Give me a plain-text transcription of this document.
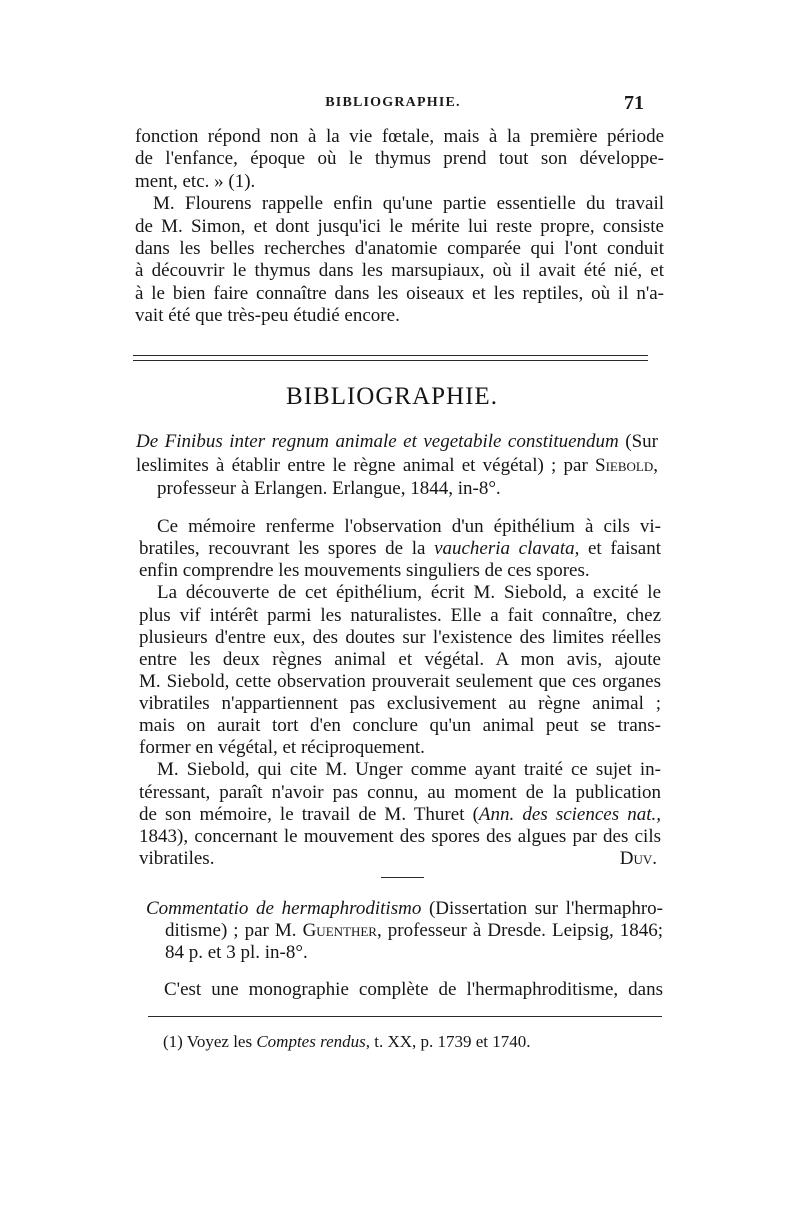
BIBLIOGRAPHIE.	71
fonction répond non à la vie fœtale, mais à la première période
de l'enfance, époque où le thymus prend tout son développe-
ment, etc. » (1).
M. Flourens rappelle enfin qu'une partie essentielle du travail
de M. Simon, et dont jusqu'ici le mérite lui reste propre, consiste
dans les belles recherches d'anatomie comparée qui l'ont conduit
à découvrir le thymus dans les marsupiaux, où il avait été nié, et
à le bien faire connaître dans les oiseaux et les reptiles, où il n'a-
vait été que très-peu étudié encore.
BIBLIOGRAPHIE.
De Finibus inter regnum animale et vegetabile constituendum (Sur les limites à établir entre le règne animal et végétal) ; par Siebold,
professeur à Erlangen. Erlangue, 1844, in-8°.
Ce mémoire renferme l'observation d'un épithélium à cils vi-
bratiles, recouvrant les spores de la vaucheria clavata, et faisant
enfin comprendre les mouvements singuliers de ces spores.
La découverte de cet épithélium, écrit M. Siebold, a excité le
plus vif intérêt parmi les naturalistes. Elle a fait connaître, chez
plusieurs d'entre eux, des doutes sur l'existence des limites réelles
entre les deux règnes animal et végétal. A mon avis, ajoute
M. Siebold, cette observation prouverait seulement que ces organes
vibratiles n'appartiennent pas exclusivement au règne animal ;
mais on aurait tort d'en conclure qu'un animal peut se trans-
former en végétal, et réciproquement.
M. Siebold, qui cite M. Unger comme ayant traité ce sujet in-
téressant, paraît n'avoir pas connu, au moment de la publication
de son mémoire, le travail de M. Thuret (Ann. des sciences nat.,
1843), concernant le mouvement des spores des algues par des cils
vibratiles.	Duv.
Commentatio de hermaphroditismo (Dissertation sur l'hermaphro-
ditisme) ; par M. Guenther, professeur à Dresde. Leipsig, 1846;
84 p. et 3 pl. in-8°.
C'est une monographie complète de l'hermaphroditisme, dans
(1) Voyez les Comptes rendus, t. XX, p. 1739 et 1740.
